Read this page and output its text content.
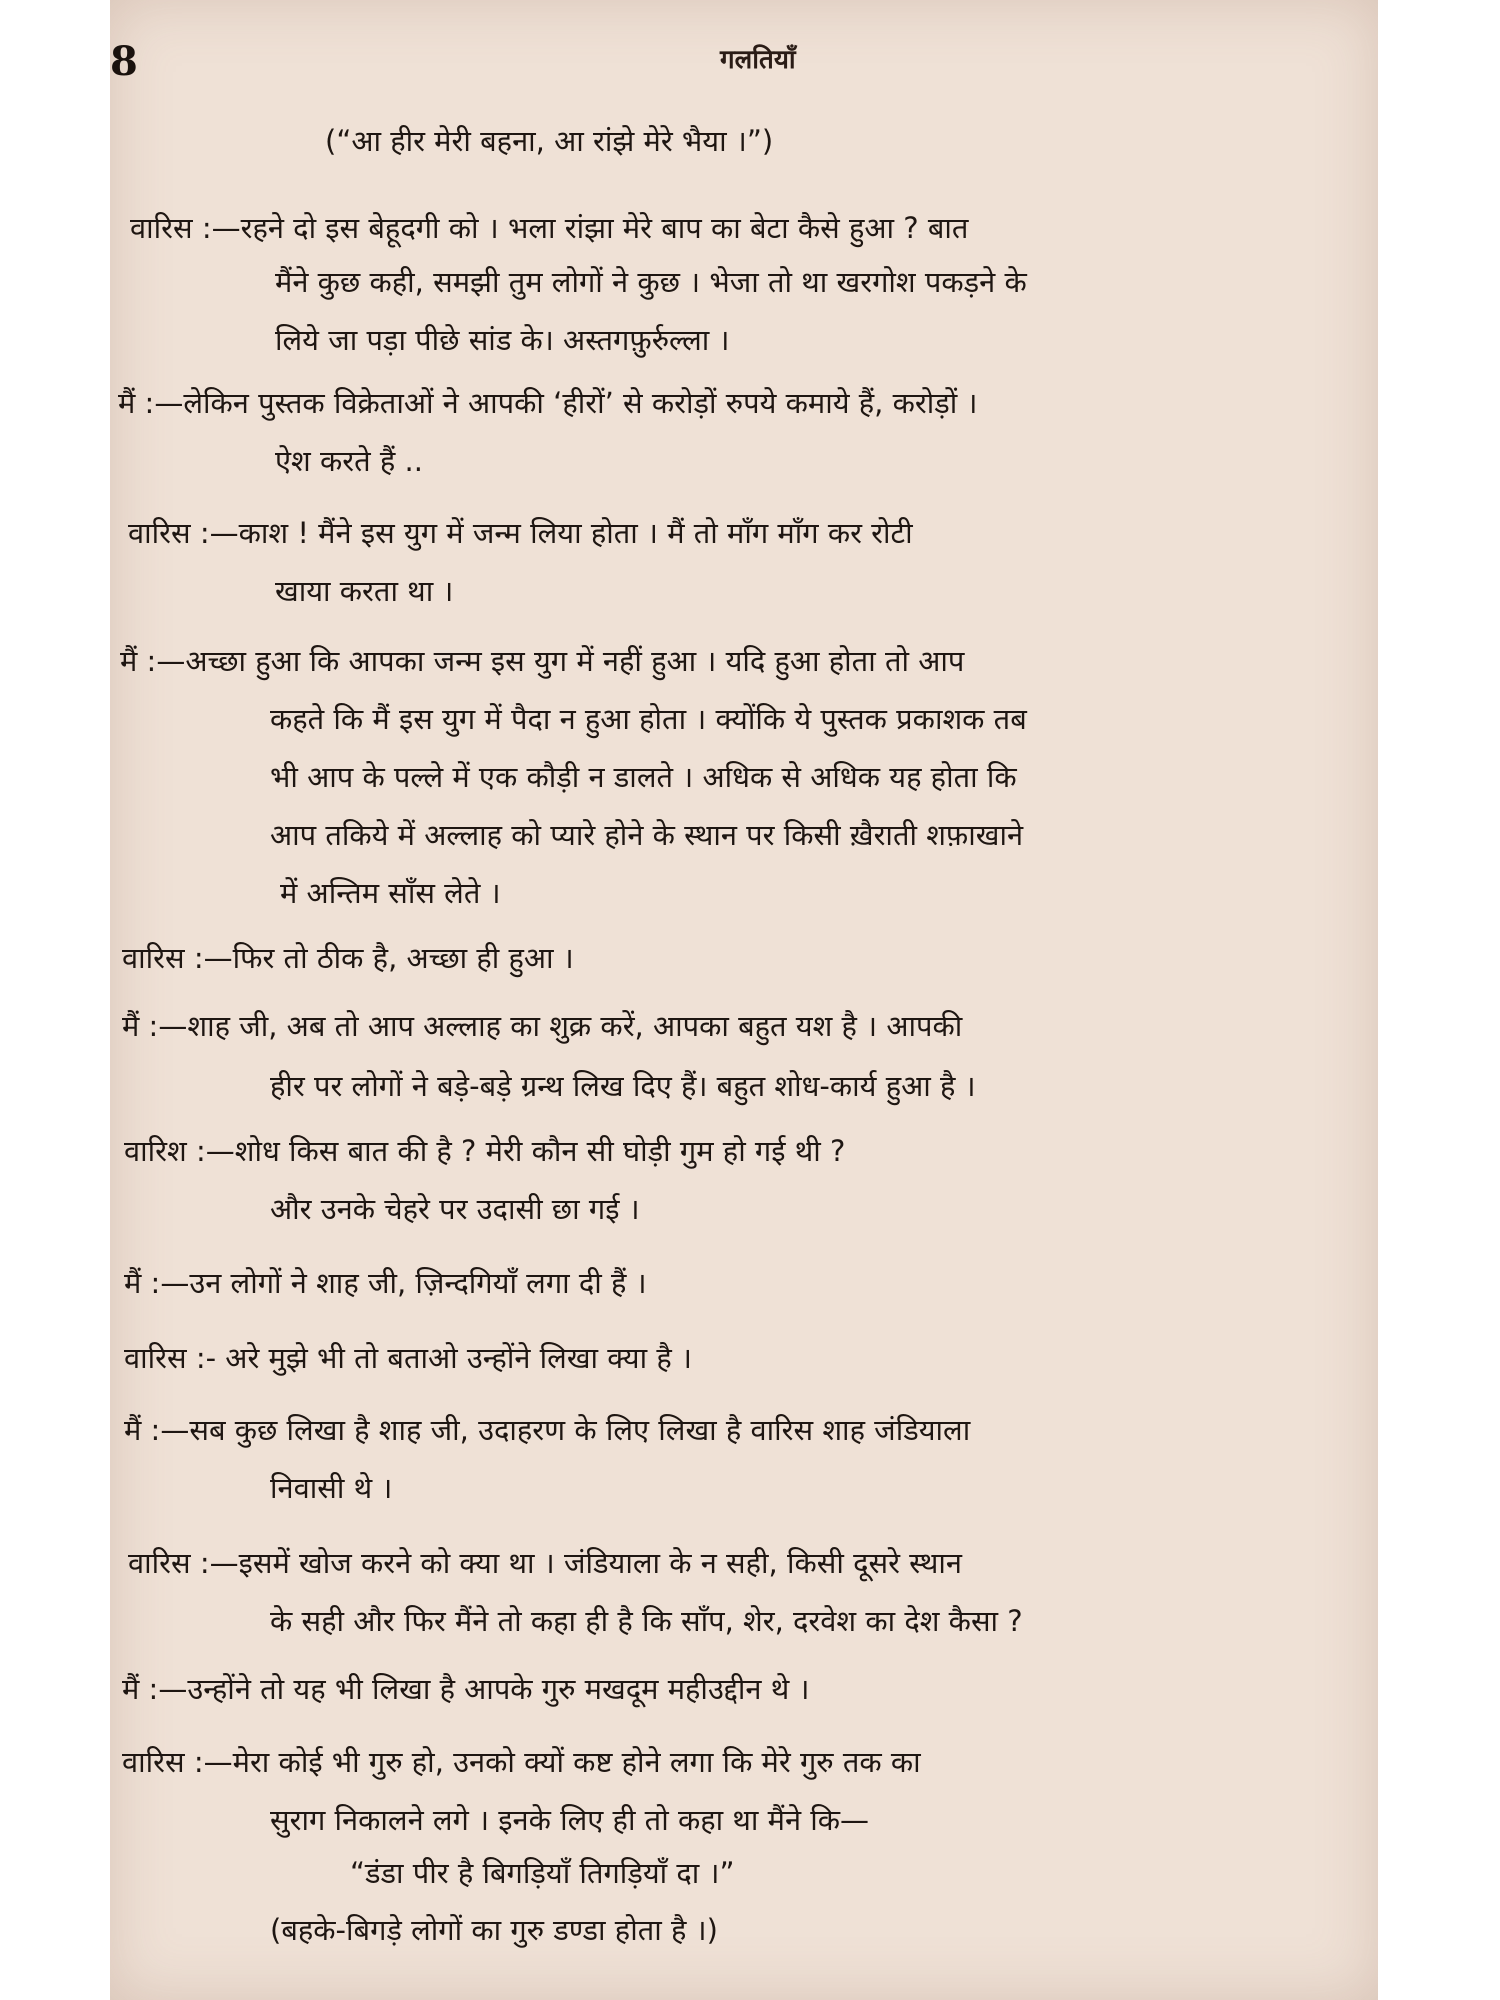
8	गलतियाँ
(“आ हीर मेरी बहना, आ रांझे मेरे भैया ।”)
वारिस :—रहने दो इस बेहूदगी को । भला रांझा मेरे बाप का बेटा कैसे हुआ ? बात
मैंने कुछ कही, समझी तुम लोगों ने कुछ । भेजा तो था खरगोश पकड़ने के
लिये जा पड़ा पीछे सांड के। अस्तगफ़ुर्रुल्ला ।
मैं :—लेकिन पुस्तक विक्रेताओं ने आपकी ‘हीरों’ से करोड़ों रुपये कमाये हैं, करोड़ों ।
ऐश करते हैं ..
वारिस :—काश ! मैंने इस युग में जन्म लिया होता । मैं तो माँग माँग कर रोटी
खाया करता था ।
मैं :—अच्छा हुआ कि आपका जन्म इस युग में नहीं हुआ । यदि हुआ होता तो आप
कहते कि मैं इस युग में पैदा न हुआ होता । क्योंकि ये पुस्तक प्रकाशक तब
भी आप के पल्ले में एक कौड़ी न डालते । अधिक से अधिक यह होता कि
आप तकिये में अल्लाह को प्यारे होने के स्थान पर किसी ख़ैराती शफ़ाखाने
में अन्तिम साँस लेते ।
वारिस :—फिर तो ठीक है, अच्छा ही हुआ ।
मैं :—शाह जी, अब तो आप अल्लाह का शुक्र करें, आपका बहुत यश है । आपकी
हीर पर लोगों ने बड़े-बड़े ग्रन्थ लिख दिए हैं। बहुत शोध-कार्य हुआ है ।
वारिश :—शोध किस बात की है ? मेरी कौन सी घोड़ी गुम हो गई थी ?
और उनके चेहरे पर उदासी छा गई ।
मैं :—उन लोगों ने शाह जी, ज़िन्दगियाँ लगा दी हैं ।
वारिस :- अरे मुझे भी तो बताओ उन्होंने लिखा क्या है ।
मैं :—सब कुछ लिखा है शाह जी, उदाहरण के लिए लिखा है वारिस शाह जंडियाला
निवासी थे ।
वारिस :—इसमें खोज करने को क्या था । जंडियाला के न सही, किसी दूसरे स्थान
के सही और फिर मैंने तो कहा ही है कि साँप, शेर, दरवेश का देश कैसा ?
मैं :—उन्होंने तो यह भी लिखा है आपके गुरु मखदूम महीउद्दीन थे ।
वारिस :—मेरा कोई भी गुरु हो, उनको क्यों कष्ट होने लगा कि मेरे गुरु तक का
सुराग निकालने लगे । इनके लिए ही तो कहा था मैंने कि—
“डंडा पीर है बिगड़ियाँ तिगड़ियाँ दा ।”
(बहके-बिगड़े लोगों का गुरु डण्डा होता है ।)
